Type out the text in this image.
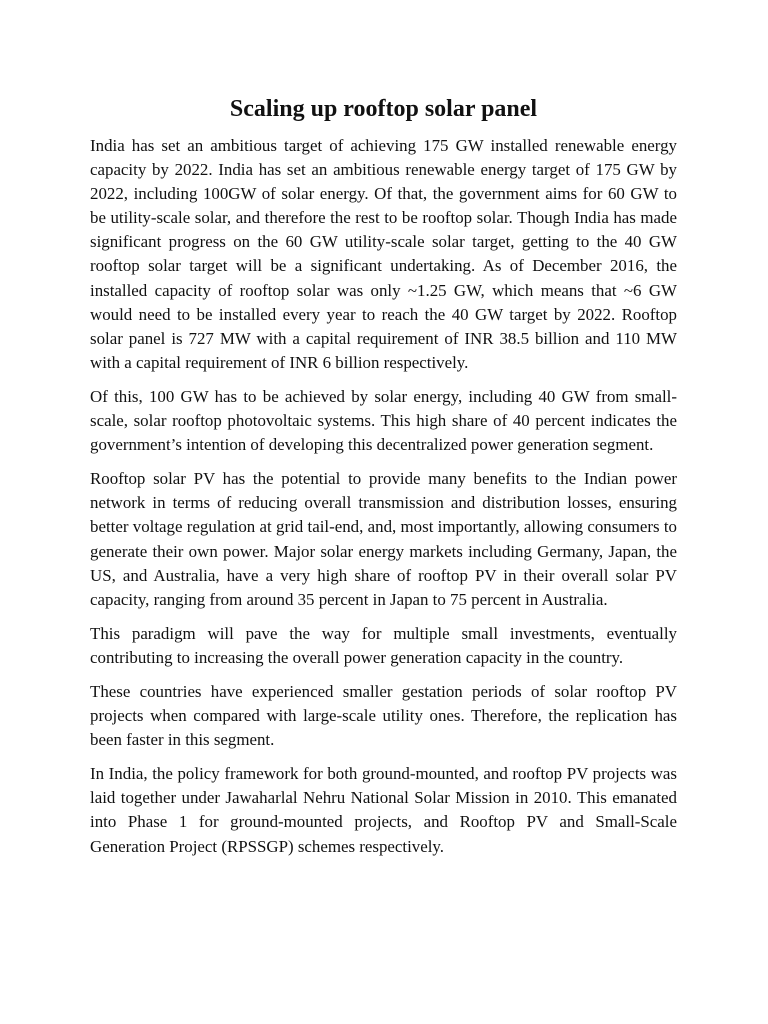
Scaling up rooftop solar panel

India has set an ambitious target of achieving 175 GW installed renewable energy capacity by 2022. India has set an ambitious renewable energy target of 175 GW by 2022, including 100GW of solar energy. Of that, the government aims for 60 GW to be utility-scale solar, and therefore the rest to be rooftop solar. Though India has made significant progress on the 60 GW utility-scale solar target, getting to the 40 GW rooftop solar target will be a significant undertaking. As of December 2016, the installed capacity of rooftop solar was only ~1.25 GW, which means that ~6 GW would need to be installed every year to reach the 40 GW target by 2022. Rooftop solar panel is 727 MW with a capital requirement of INR 38.5 billion and 110 MW with a capital requirement of INR 6 billion respectively.

Of this, 100 GW has to be achieved by solar energy, including 40 GW from small-scale, solar rooftop photovoltaic systems. This high share of 40 percent indicates the government’s intention of developing this decentralized power generation segment.

Rooftop solar PV has the potential to provide many benefits to the Indian power network in terms of reducing overall transmission and distribution losses, ensuring better voltage regulation at grid tail-end, and, most importantly, allowing consumers to generate their own power. Major solar energy markets including Germany, Japan, the US, and Australia, have a very high share of rooftop PV in their overall solar PV capacity, ranging from around 35 percent in Japan to 75 percent in Australia.

This paradigm will pave the way for multiple small investments, eventually contributing to increasing the overall power generation capacity in the country.

These countries have experienced smaller gestation periods of solar rooftop PV projects when compared with large-scale utility ones. Therefore, the replication has been faster in this segment.

In India, the policy framework for both ground-mounted, and rooftop PV projects was laid together under Jawaharlal Nehru National Solar Mission in 2010. This emanated into Phase 1 for ground-mounted projects, and Rooftop PV and Small-Scale Generation Project (RPSSGP) schemes respectively.
